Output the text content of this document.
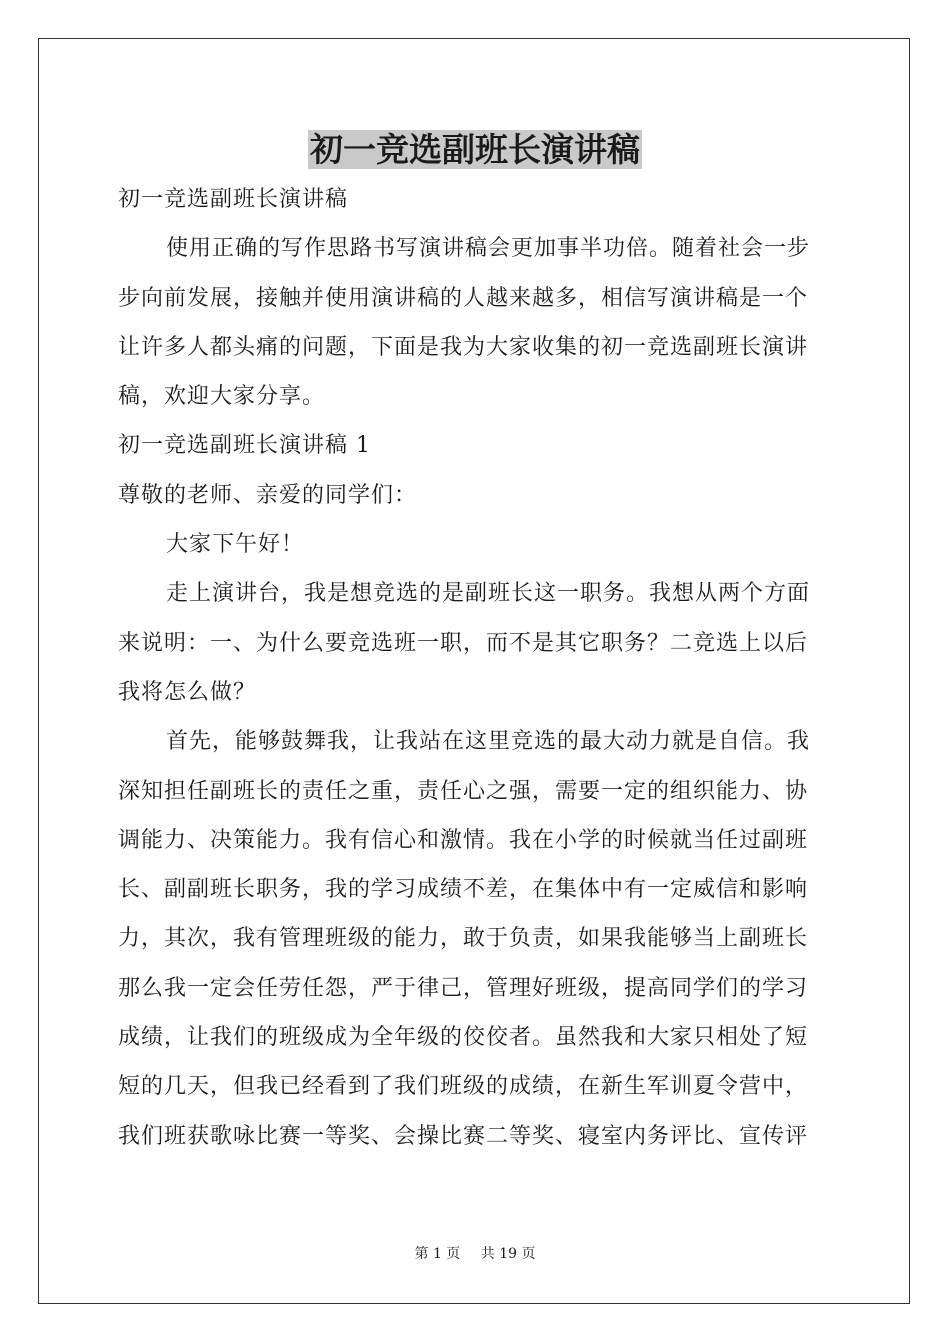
初一竞选副班长演讲稿

初一竞选副班长演讲稿

使用正确的写作思路书写演讲稿会更加事半功倍。随着社会一步

步向前发展，接触并使用演讲稿的人越来越多，相信写演讲稿是一个

让许多人都头痛的问题，下面是我为大家收集的初一竞选副班长演讲

稿，欢迎大家分享。

初一竞选副班长演讲稿 1

尊敬的老师、亲爱的同学们：

大家下午好！

走上演讲台，我是想竞选的是副班长这一职务。我想从两个方面

来说明：一、为什么要竞选班一职，而不是其它职务？二竞选上以后

我将怎么做？

首先，能够鼓舞我，让我站在这里竞选的最大动力就是自信。我

深知担任副班长的责任之重，责任心之强，需要一定的组织能力、协

调能力、决策能力。我有信心和激情。我在小学的时候就当任过副班

长、副副班长职务，我的学习成绩不差，在集体中有一定威信和影响

力，其次，我有管理班级的能力，敢于负责，如果我能够当上副班长

那么我一定会任劳任怨，严于律己，管理好班级，提高同学们的学习

成绩，让我们的班级成为全年级的佼佼者。虽然我和大家只相处了短

短的几天，但我已经看到了我们班级的成绩，在新生军训夏令营中，

我们班获歌咏比赛一等奖、会操比赛二等奖、寝室内务评比、宣传评

第 1 页 共 19 页
